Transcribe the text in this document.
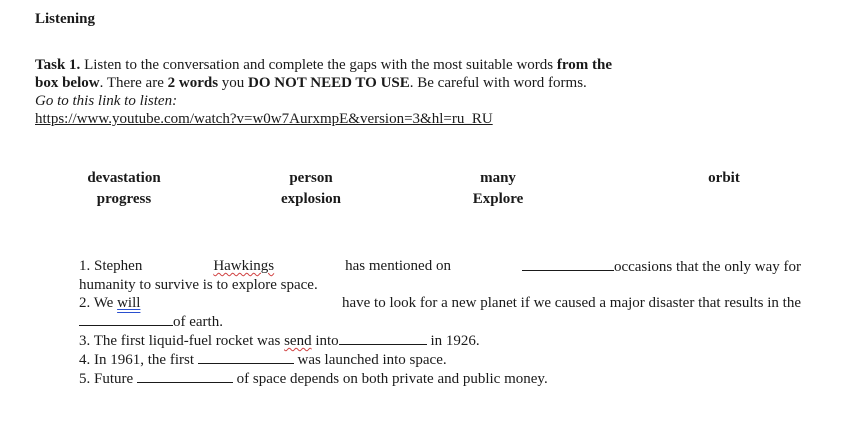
Listening
Task 1. Listen to the conversation and complete the gaps with the most suitable words from the
box below. There are 2 words you DO NOT NEED TO USE. Be careful with word forms.
Go to this link to listen:
https://www.youtube.com/watch?v=w0w7AurxmpE&version=3&hl=ru_RU
devastation	person	many	orbit
progress	explosion	Explore
1. Stephen	Hawkings	has mentioned on	occasions that the only way for
humanity to survive is to explore space.
2. We will	have to look for a new planet if we caused a major disaster that results in the
of earth.
3. The first liquid-fuel rocket was send into	in 1926.
4. In 1961, the first	was launched into space.
5. Future	of space depends on both private and public money.
